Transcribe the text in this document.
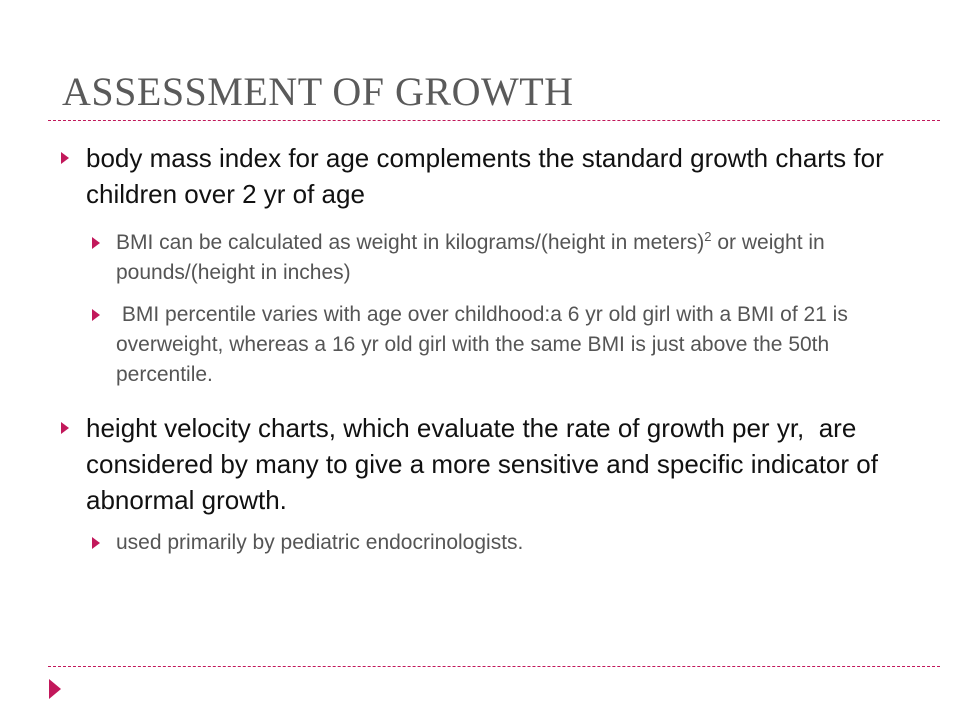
ASSESSMENT OF GROWTH
body mass index for age complements the standard growth charts for children over 2 yr of age
BMI can be calculated as weight in kilograms/(height in meters)$^2$ or weight in pounds/(height in inches)
BMI percentile varies with age over childhood:a 6 yr old girl with a BMI of 21 is overweight, whereas a 16 yr old girl with the same BMI is just above the 50th percentile.
height velocity charts, which evaluate the rate of growth per yr,  are considered by many to give a more sensitive and specific indicator of abnormal growth.
used primarily by pediatric endocrinologists.
